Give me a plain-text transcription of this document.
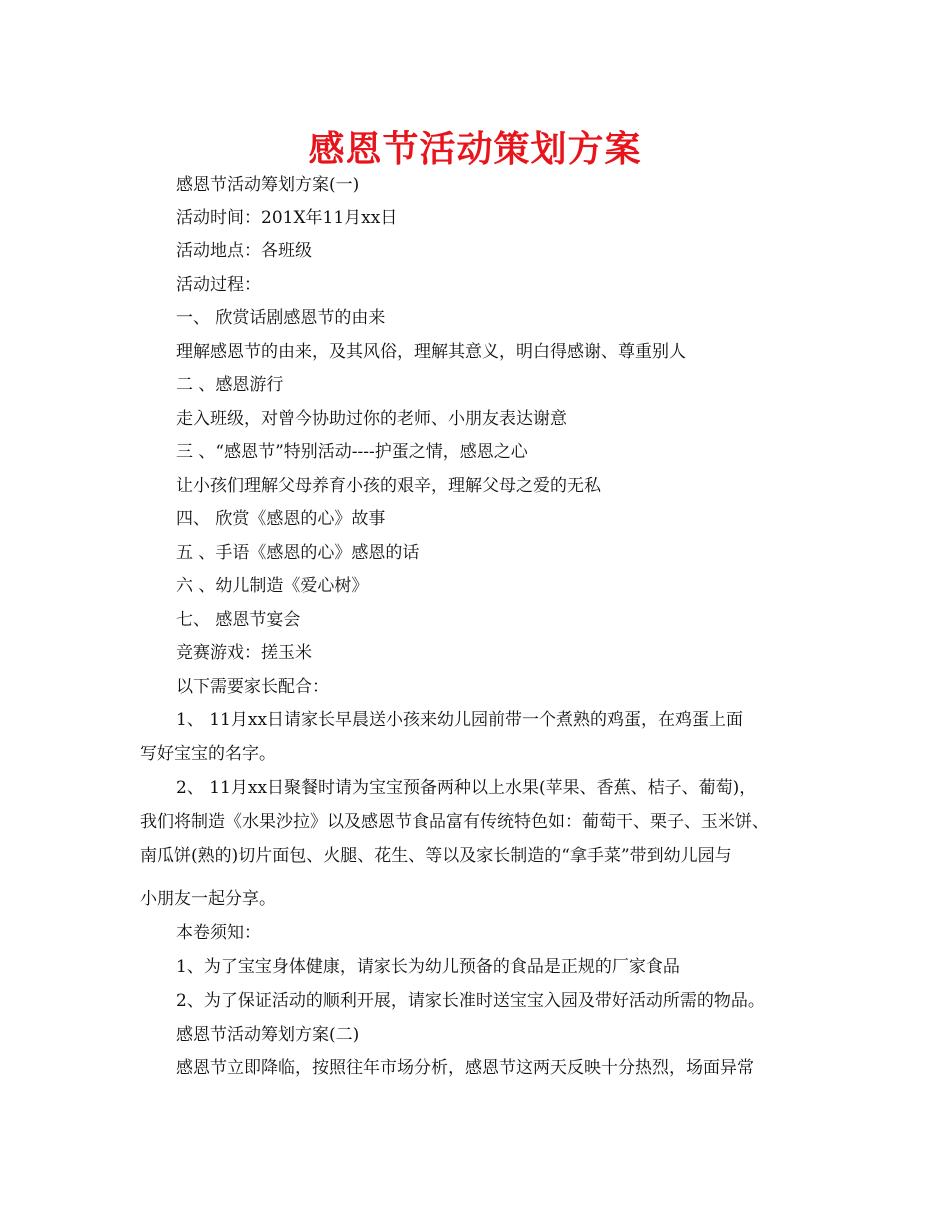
感恩节活动策划方案
感恩节活动筹划方案(一)
活动时间：201X年11月xx日
活动地点：各班级
活动过程：
一、 欣赏话剧感恩节的由来
理解感恩节的由来，及其风俗，理解其意义，明白得感谢、尊重别人
二 、感恩游行
走入班级，对曾今协助过你的老师、小朋友表达谢意
三 、“感恩节”特别活动----护蛋之情，感恩之心
让小孩们理解父母养育小孩的艰辛，理解父母之爱的无私
四、 欣赏《感恩的心》故事
五 、手语《感恩的心》感恩的话
六 、幼儿制造《爱心树》
七、 感恩节宴会
竞赛游戏：搓玉米
以下需要家长配合：
1、 11月xx日请家长早晨送小孩来幼儿园前带一个煮熟的鸡蛋，在鸡蛋上面
写好宝宝的名字。
2、 11月xx日聚餐时请为宝宝预备两种以上水果(苹果、香蕉、桔子、葡萄)，
我们将制造《水果沙拉》以及感恩节食品富有传统特色如：葡萄干、栗子、玉米饼、
南瓜饼(熟的)切片面包、火腿、花生、等以及家长制造的“拿手菜”带到幼儿园与
小朋友一起分享。
本卷须知：
1、为了宝宝身体健康，请家长为幼儿预备的食品是正规的厂家食品
2、为了保证活动的顺利开展，请家长准时送宝宝入园及带好活动所需的物品。
感恩节活动筹划方案(二)
感恩节立即降临，按照往年市场分析，感恩节这两天反映十分热烈，场面异常
